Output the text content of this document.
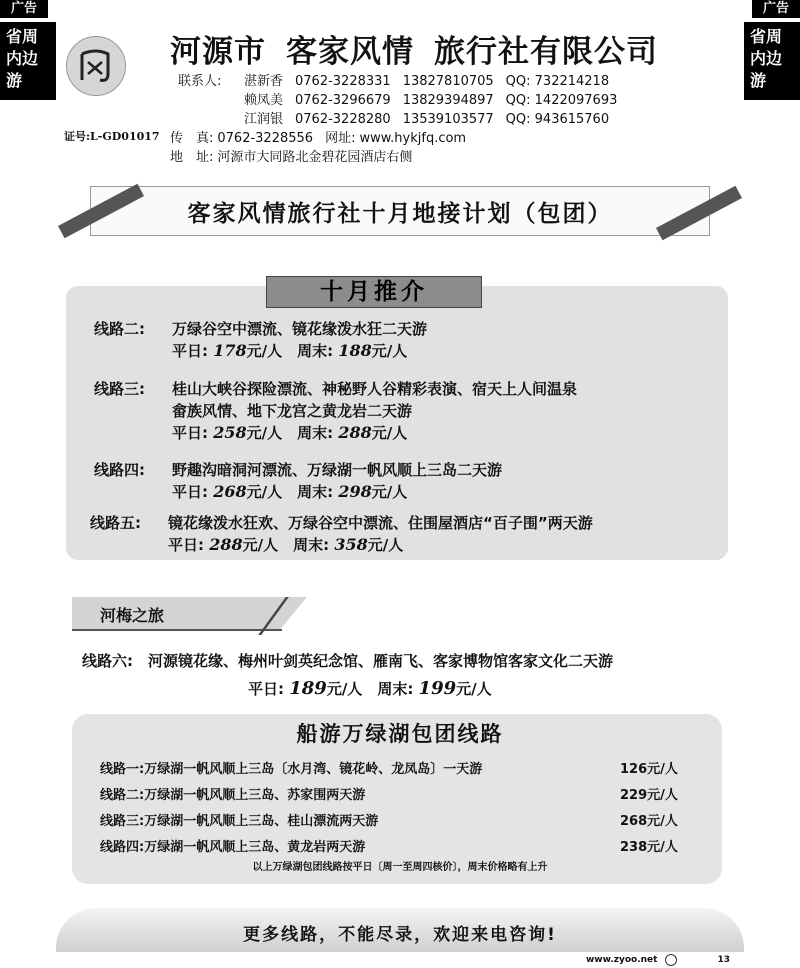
广告	广告
省周
内边
游
省周
内边
游
证号:L-GD01017
河源市 客家风情 旅行社有限公司
联系人:	湛新香 0762-3228331 13827810705 QQ: 732214218
赖凤美 0762-3296679 13829394897 QQ: 1422097693
江润银 0762-3228280 13539103577 QQ: 943615760
传　真: 0762-3228556 网址: www.hykjfq.com
地　址: 河源市大同路北金碧花园酒店右侧
客家风情旅行社十月地接计划（包团）
十月推介
线路二: 万绿谷空中漂流、镜花缘泼水狂二天游
平日: 178元/人　 周末: 188元/人
线路三: 桂山大峡谷探险漂流、神秘野人谷精彩表演、宿天上人间温泉
畲族风情、地下龙宫之黄龙岩二天游
平日: 258元/人　 周末: 288元/人
线路四: 野趣沟暗洞河漂流、万绿湖一帆风顺上三岛二天游
平日: 268元/人　 周末: 298元/人
线路五: 镜花缘泼水狂欢、万绿谷空中漂流、住围屋酒店“百子围”两天游
平日: 288元/人　 周末: 358元/人
河梅之旅
线路六:　 河源镜花缘、梅州叶剑英纪念馆、雁南飞、客家博物馆客家文化二天游
平日: 189元/人　 周末: 199元/人
船游万绿湖包团线路
线路一:万绿湖一帆风顺上三岛〔水月湾、镜花岭、龙凤岛〕一天游	126元/人
线路二:万绿湖一帆风顺上三岛、苏家围两天游	229元/人
线路三:万绿湖一帆风顺上三岛、桂山漂流两天游	268元/人
线路四:万绿湖一帆风顺上三岛、黄龙岩两天游	238元/人
以上万绿湖包团线路按平日〔周一至周四核价〕，周末价格略有上升
更多线路，不能尽录，欢迎来电咨询!
www.zyoo.net	13
